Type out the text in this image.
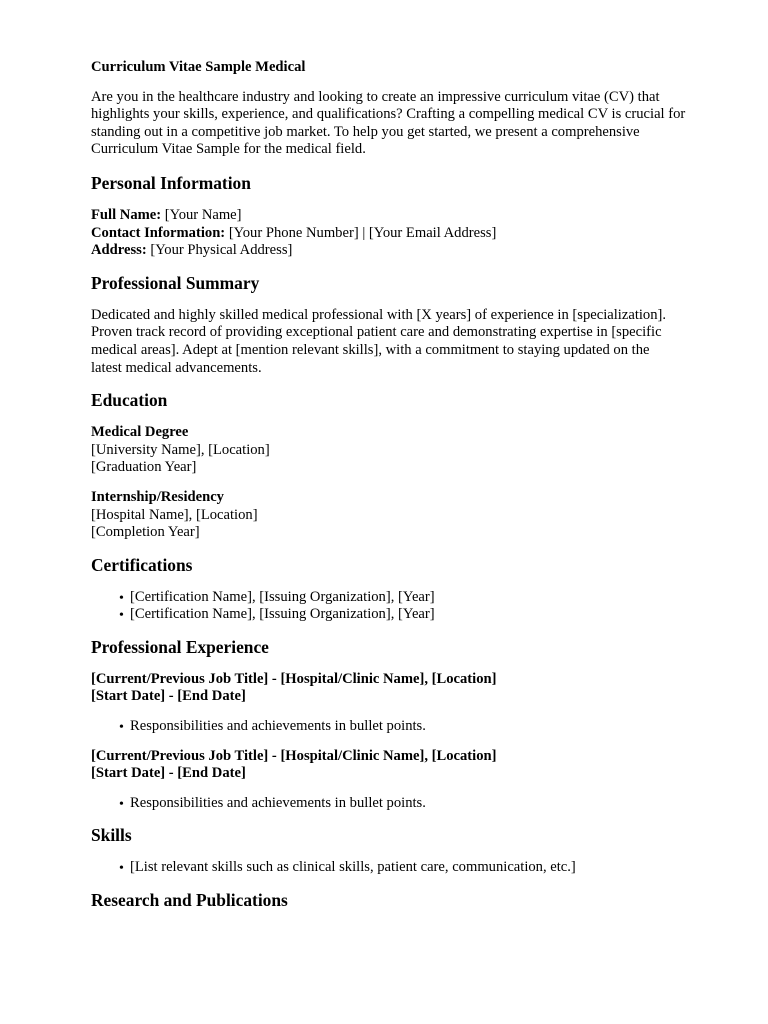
Curriculum Vitae Sample Medical

Are you in the healthcare industry and looking to create an impressive curriculum vitae (CV) that
highlights your skills, experience, and qualifications? Crafting a compelling medical CV is crucial for
standing out in a competitive job market. To help you get started, we present a comprehensive
Curriculum Vitae Sample for the medical field.
Personal Information
Full Name: [Your Name]
Contact Information: [Your Phone Number] | [Your Email Address]
Address: [Your Physical Address]
Professional Summary
Dedicated and highly skilled medical professional with [X years] of experience in [specialization].
Proven track record of providing exceptional patient care and demonstrating expertise in [specific
medical areas]. Adept at [mention relevant skills], with a commitment to staying updated on the
latest medical advancements.
Education
Medical Degree
[University Name], [Location]
[Graduation Year]
Internship/Residency
[Hospital Name], [Location]
[Completion Year]
Certifications
• [Certification Name], [Issuing Organization], [Year]
• [Certification Name], [Issuing Organization], [Year]
Professional Experience
[Current/Previous Job Title] - [Hospital/Clinic Name], [Location]
[Start Date] - [End Date]
• Responsibilities and achievements in bullet points.
[Current/Previous Job Title] - [Hospital/Clinic Name], [Location]
[Start Date] - [End Date]
• Responsibilities and achievements in bullet points.
Skills
• [List relevant skills such as clinical skills, patient care, communication, etc.]
Research and Publications
